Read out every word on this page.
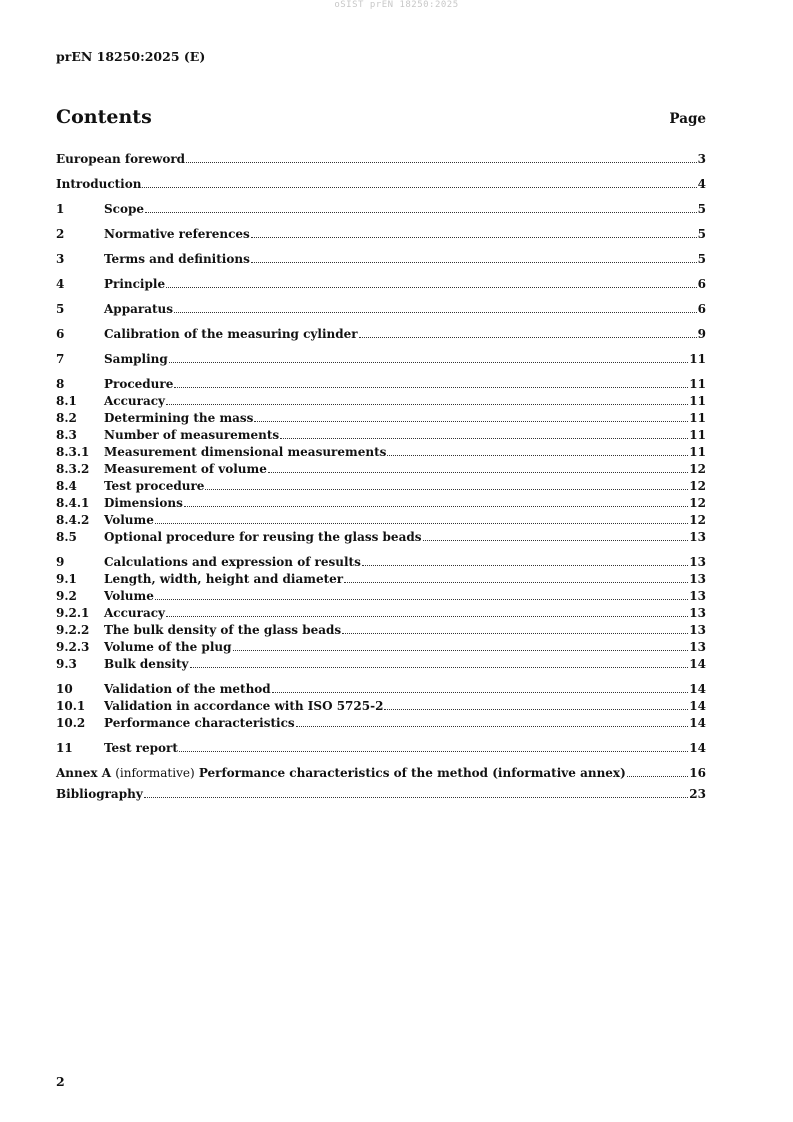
oSIST prEN 18250:2025
prEN 18250:2025 (E)
Contents	Page
European foreword	3
Introduction	4
1	Scope	5
2	Normative references	5
3	Terms and definitions	5
4	Principle	6
5	Apparatus	6
6	Calibration of the measuring cylinder	9
7	Sampling	11
8	Procedure	11
8.1	Accuracy	11
8.2	Determining the mass	11
8.3	Number of measurements	11
8.3.1	Measurement dimensional measurements	11
8.3.2	Measurement of volume	12
8.4	Test procedure	12
8.4.1	Dimensions	12
8.4.2	Volume	12
8.5	Optional procedure for reusing the glass beads	13
9	Calculations and expression of results	13
9.1	Length, width, height and diameter	13
9.2	Volume	13
9.2.1	Accuracy	13
9.2.2	The bulk density of the glass beads	13
9.2.3	Volume of the plug	13
9.3	Bulk density	14
10	Validation of the method	14
10.1	Validation in accordance with ISO 5725-2	14
10.2	Performance characteristics	14
11	Test report	14
Annex A (informative) Performance characteristics of the method (informative annex)	16
Bibliography	23
2
